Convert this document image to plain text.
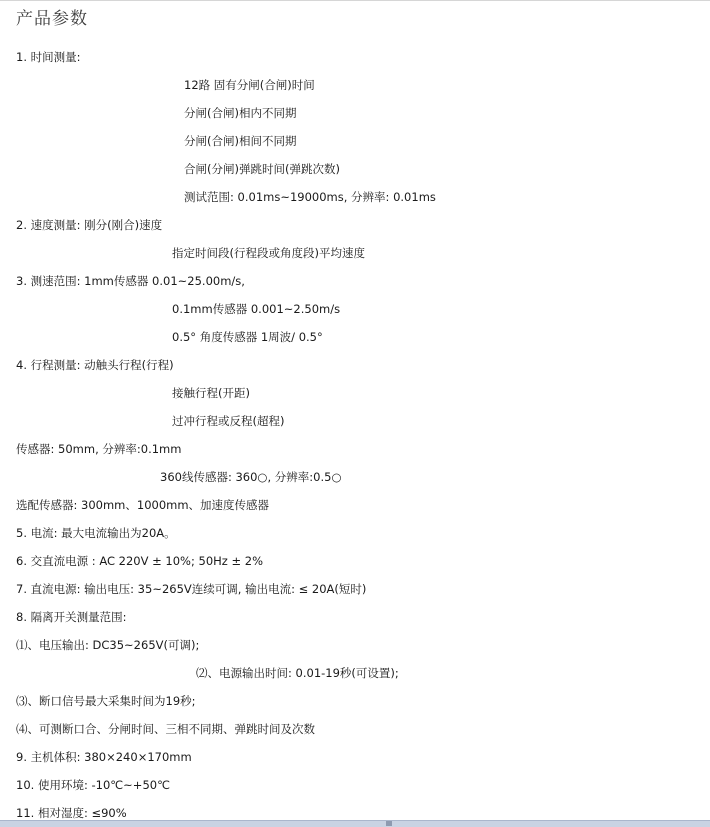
产品参数
1. 时间测量:
12路 固有分闸(合闸)时间
分闸(合闸)相内不同期
分闸(合闸)相间不同期
合闸(分闸)弹跳时间(弹跳次数)
测试范围: 0.01ms~19000ms, 分辨率: 0.01ms
2. 速度测量: 刚分(刚合)速度
指定时间段(行程段或角度段)平均速度
3. 测速范围: 1mm传感器 0.01~25.00m/s,
0.1mm传感器 0.001~2.50m/s
0.5° 角度传感器 1周波/ 0.5°
4. 行程测量: 动触头行程(行程)
接触行程(开距)
过冲行程或反程(超程)
传感器: 50mm, 分辨率:0.1mm
360线传感器: 360○, 分辨率:0.5○
选配传感器: 300mm、1000mm、加速度传感器
5. 电流: 最大电流输出为20A。
6. 交直流电源 : AC 220V ± 10%; 50Hz ± 2%
7. 直流电源: 输出电压: 35~265V连续可调, 输出电流: ≤ 20A(短时)
8. 隔离开关测量范围:
⑴、电压输出: DC35~265V(可调);
⑵、电源输出时间: 0.01-19秒(可设置);
⑶、断口信号最大采集时间为19秒;
⑷、可测断口合、分闸时间、三相不同期、弹跳时间及次数
9. 主机体积: 380×240×170mm
10. 使用环境: -10℃~+50℃
11. 相对湿度: ≤90%
